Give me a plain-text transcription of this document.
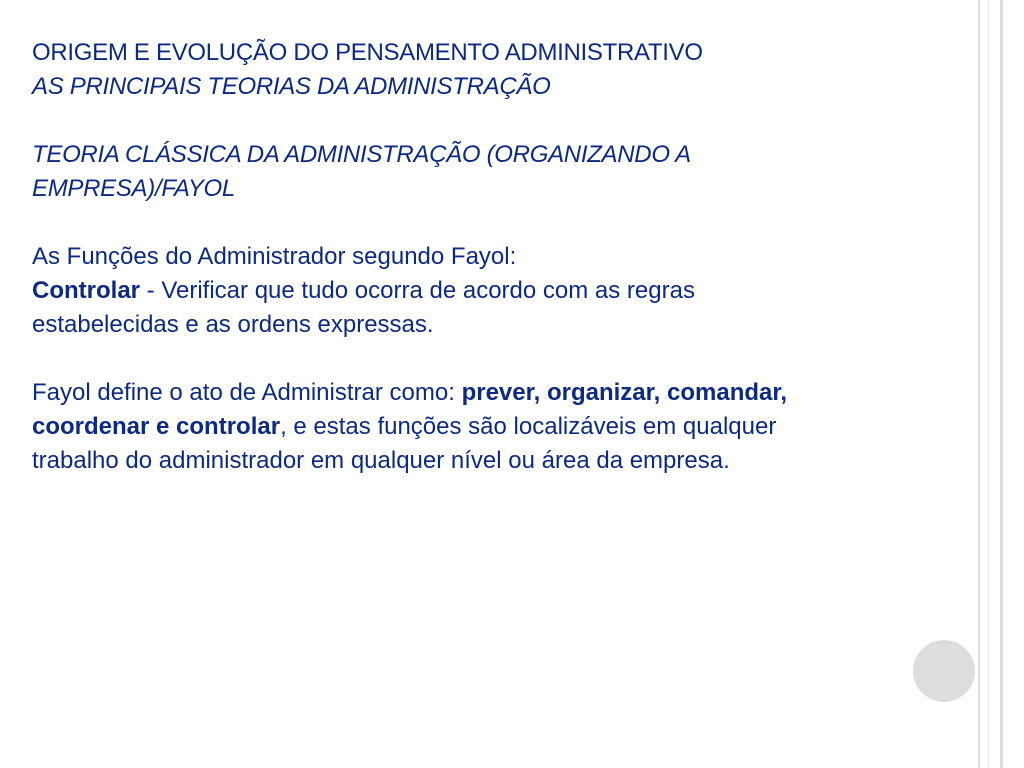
ORIGEM E EVOLUÇÃO DO PENSAMENTO ADMINISTRATIVO

AS PRINCIPAIS TEORIAS DA ADMINISTRAÇÃO

TEORIA CLÁSSICA DA ADMINISTRAÇÃO (ORGANIZANDO A

EMPRESA)/FAYOL

As Funções do Administrador segundo Fayol:

Controlar - Verificar que tudo ocorra de acordo com as regras

estabelecidas e as ordens expressas.

Fayol define o ato de Administrar como: prever, organizar, comandar,

coordenar e controlar, e estas funções são localizáveis em qualquer

trabalho do administrador em qualquer nível ou área da empresa.
